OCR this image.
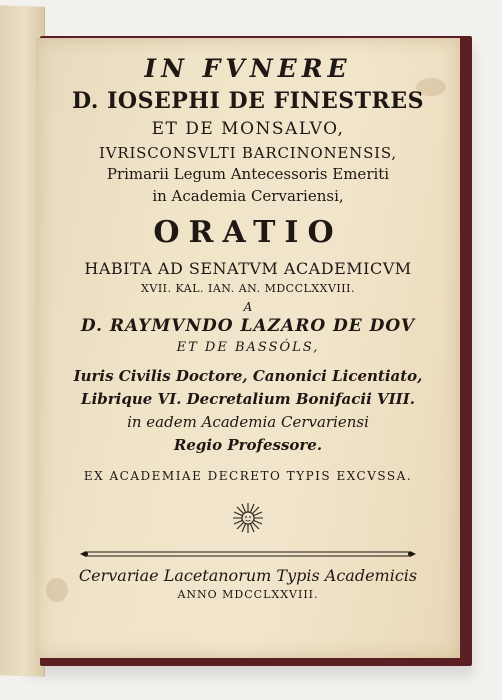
IN FVNERE
D. IOSEPHI DE FINESTRES
ET DE MONSALVO,
IVRISCONSVLTI BARCINONENSIS,
Primarii Legum Antecessoris Emeriti
in Academia Cervariensi,
ORATIO
HABITA AD SENATVM ACADEMICVM
XVII. KAL. IAN. AN. MDCCLXXVIII.
A
D. RAYMVNDO LAZARO DE DOV
ET DE BASSÓLS,
Iuris Civilis Doctore, Canonici Licentiato,
Librique VI. Decretalium Bonifacii VIII.
in eadem Academia Cervariensi
Regio Professore.
EX ACADEMIAE DECRETO TYPIS EXCVSSA.
Cervariae Lacetanorum Typis Academicis
ANNO MDCCLXXVIII.
